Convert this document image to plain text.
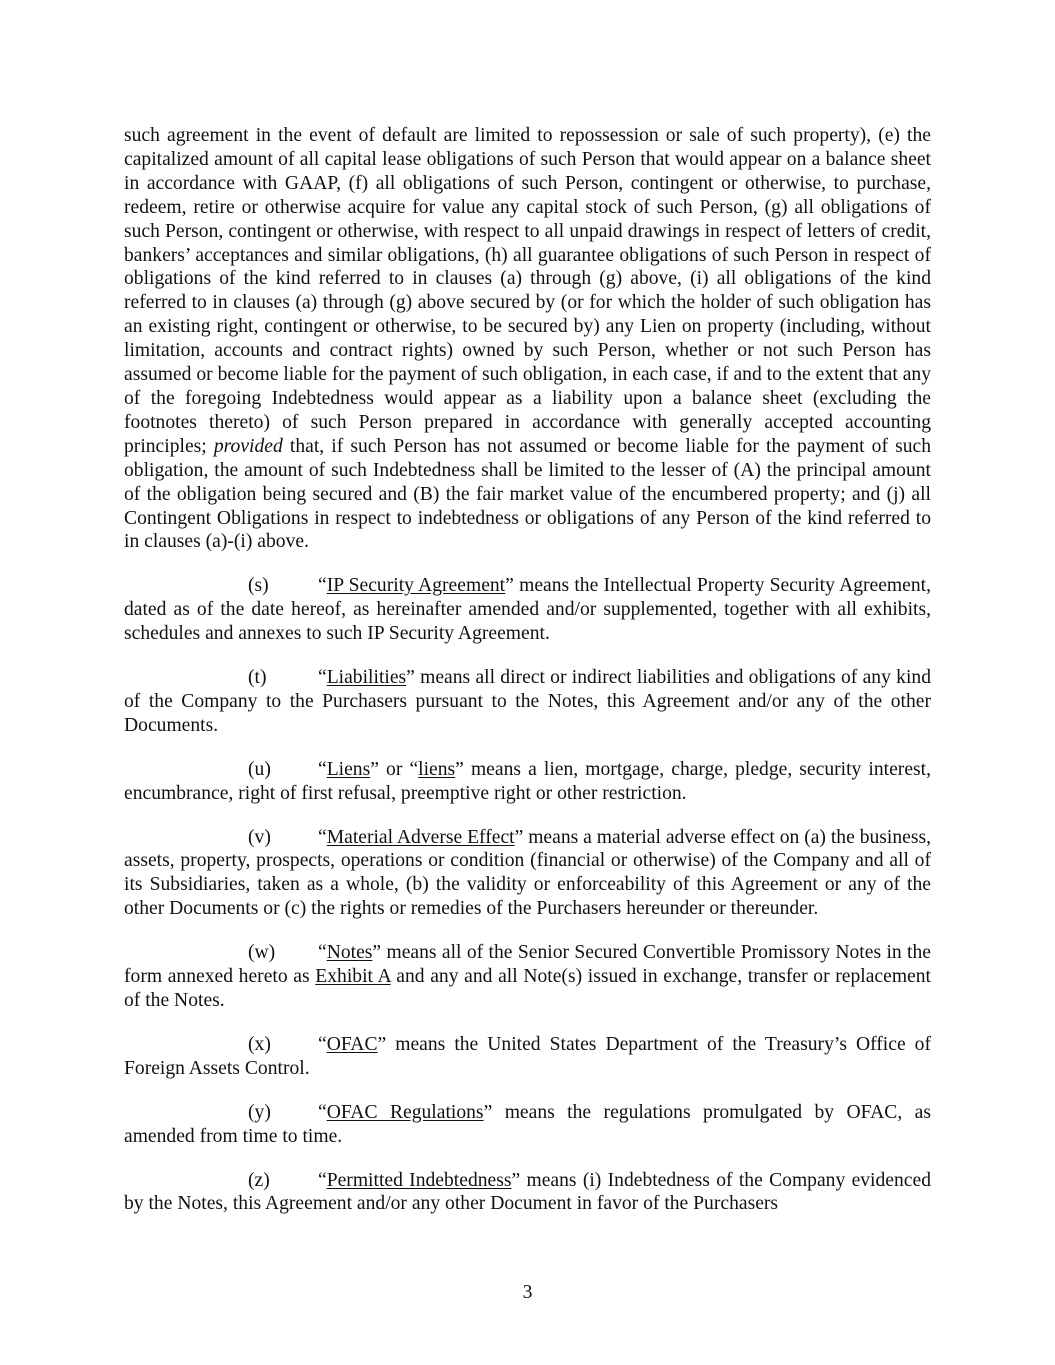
such agreement in the event of default are limited to repossession or sale of such property), (e) the capitalized amount of all capital lease obligations of such Person that would appear on a balance sheet in accordance with GAAP, (f) all obligations of such Person, contingent or otherwise, to purchase, redeem, retire or otherwise acquire for value any capital stock of such Person, (g) all obligations of such Person, contingent or otherwise, with respect to all unpaid drawings in respect of letters of credit, bankers’ acceptances and similar obligations, (h) all guarantee obligations of such Person in respect of obligations of the kind referred to in clauses (a) through (g) above, (i) all obligations of the kind referred to in clauses (a) through (g) above secured by (or for which the holder of such obligation has an existing right, contingent or otherwise, to be secured by) any Lien on property (including, without limitation, accounts and contract rights) owned by such Person, whether or not such Person has assumed or become liable for the payment of such obligation, in each case, if and to the extent that any of the foregoing Indebtedness would appear as a liability upon a balance sheet (excluding the footnotes thereto) of such Person prepared in accordance with generally accepted accounting principles; provided that, if such Person has not assumed or become liable for the payment of such obligation, the amount of such Indebtedness shall be limited to the lesser of (A) the principal amount of the obligation being secured and (B) the fair market value of the encumbered property; and (j) all Contingent Obligations in respect to indebtedness or obligations of any Person of the kind referred to in clauses (a)-(i) above.

(s)	“IP Security Agreement” means the Intellectual Property Security Agreement, dated as of the date hereof, as hereinafter amended and/or supplemented, together with all exhibits, schedules and annexes to such IP Security Agreement.

(t)	“Liabilities” means all direct or indirect liabilities and obligations of any kind of the Company to the Purchasers pursuant to the Notes, this Agreement and/or any of the other Documents.

(u) “Liens” or “liens” means a lien, mortgage, charge, pledge, security interest, encumbrance, right of first refusal, preemptive right or other restriction.

(v) “Material Adverse Effect” means a material adverse effect on (a) the business, assets, property, prospects, operations or condition (financial or otherwise) of the Company and all of its Subsidiaries, taken as a whole, (b) the validity or enforceability of this Agreement or any of the other Documents or (c) the rights or remedies of the Purchasers hereunder or thereunder.

(w) “Notes” means all of the Senior Secured Convertible Promissory Notes in the form annexed hereto as Exhibit A and any and all Note(s) issued in exchange, transfer or replacement of the Notes.

(x) “OFAC” means the United States Department of the Treasury’s Office of Foreign Assets Control.

(y) “OFAC Regulations” means the regulations promulgated by OFAC, as amended from time to time.

(z) “Permitted Indebtedness” means (i) Indebtedness of the Company evidenced by the Notes, this Agreement and/or any other Document in favor of the Purchasers

3
